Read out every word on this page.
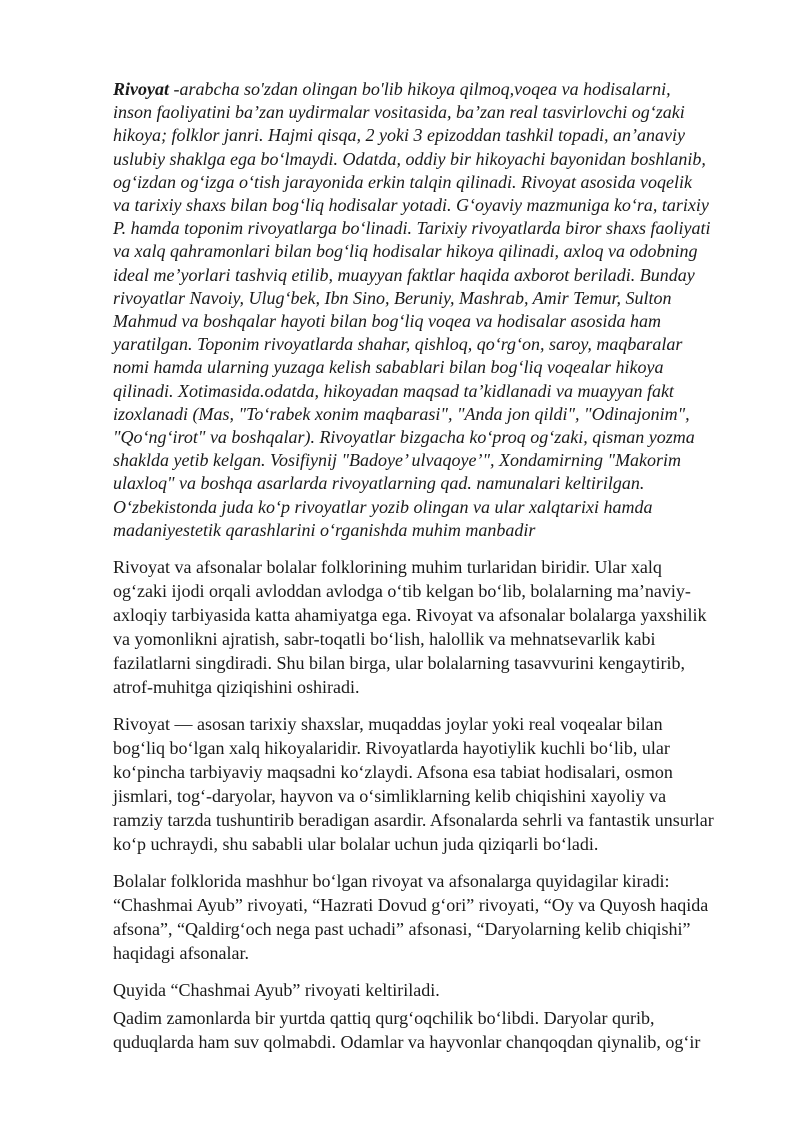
Rivoyat -arabcha so'zdan olingan bo'lib hikoya qilmoq,voqea va hodisalarni,
inson faoliyatini ba’zan uydirmalar vositasida, ba’zan real tasvirlovchi ogʻzaki
hikoya; folklor janri. Hajmi qisqa, 2 yoki 3 epizoddan tashkil topadi, an’anaviy
uslubiy shaklga ega boʻlmaydi. Odatda, oddiy bir hikoyachi bayonidan boshlanib,
ogʻizdan ogʻizga oʻtish jarayonida erkin talqin qilinadi. Rivoyat asosida voqelik
va tarixiy shaxs bilan bogʻliq hodisalar yotadi. Gʻoyaviy mazmuniga koʻra, tarixiy
P. hamda toponim rivoyatlarga boʻlinadi. Tarixiy rivoyatlarda biror shaxs faoliyati
va xalq qahramonlari bilan bogʻliq hodisalar hikoya qilinadi, axloq va odobning
ideal me’yorlari tashviq etilib, muayyan faktlar haqida axborot beriladi. Bunday
rivoyatlar Navoiy, Ulugʻbek, Ibn Sino, Beruniy, Mashrab, Amir Temur, Sulton
Mahmud va boshqalar hayoti bilan bogʻliq voqea va hodisalar asosida ham
yaratilgan. Toponim rivoyatlarda shahar, qishloq, qoʻrgʻon, saroy, maqbaralar
nomi hamda ularning yuzaga kelish sabablari bilan bogʻliq voqealar hikoya
qilinadi. Xotimasida.odatda, hikoyadan maqsad ta’kidlanadi va muayyan fakt
izoxlanadi (Mas, "Toʻrabek xonim maqbarasi", "Anda jon qildi", "Odinajonim",
"Qoʻngʻirot" va boshqalar). Rivoyatlar bizgacha koʻproq ogʻzaki, qisman yozma
shaklda yetib kelgan. Vosifiynij "Badoye’ ulvaqoye’", Xondamirning "Makorim
ulaxloq" va boshqa asarlarda rivoyatlarning qad. namunalari keltirilgan.
Oʻzbekistonda juda koʻp rivoyatlar yozib olingan va ular xalqtarixi hamda
madaniyestetik qarashlarini oʻrganishda muhim manbadir

Rivoyat va afsonalar bolalar folklorining muhim turlaridan biridir. Ular xalq
ogʻzaki ijodi orqali avloddan avlodga oʻtib kelgan boʻlib, bolalarning ma’naviy-
axloqiy tarbiyasida katta ahamiyatga ega. Rivoyat va afsonalar bolalarga yaxshilik
va yomonlikni ajratish, sabr-toqatli boʻlish, halollik va mehnatsevarlik kabi
fazilatlarni singdiradi. Shu bilan birga, ular bolalarning tasavvurini kengaytirib,
atrof-muhitga qiziqishini oshiradi.

Rivoyat — asosan tarixiy shaxslar, muqaddas joylar yoki real voqealar bilan
bogʻliq boʻlgan xalq hikoyalaridir. Rivoyatlarda hayotiylik kuchli boʻlib, ular
koʻpincha tarbiyaviy maqsadni koʻzlaydi. Afsona esa tabiat hodisalari, osmon
jismlari, togʻ-daryolar, hayvon va oʻsimliklarning kelib chiqishini xayoliy va
ramziy tarzda tushuntirib beradigan asardir. Afsonalarda sehrli va fantastik unsurlar
koʻp uchraydi, shu sababli ular bolalar uchun juda qiziqarli boʻladi.

Bolalar folklorida mashhur boʻlgan rivoyat va afsonalarga quyidagilar kiradi:
“Chashmai Ayub” rivoyati, “Hazrati Dovud gʻori” rivoyati, “Oy va Quyosh haqida
afsona”, “Qaldirgʻoch nega past uchadi” afsonasi, “Daryolarning kelib chiqishi”
haqidagi afsonalar.

Quyida “Chashmai Ayub” rivoyati keltiriladi.

Qadim zamonlarda bir yurtda qattiq qurgʻoqchilik boʻlibdi. Daryolar qurib,
quduqlarda ham suv qolmabdi. Odamlar va hayvonlar chanqoqdan qiynalib, ogʻir
